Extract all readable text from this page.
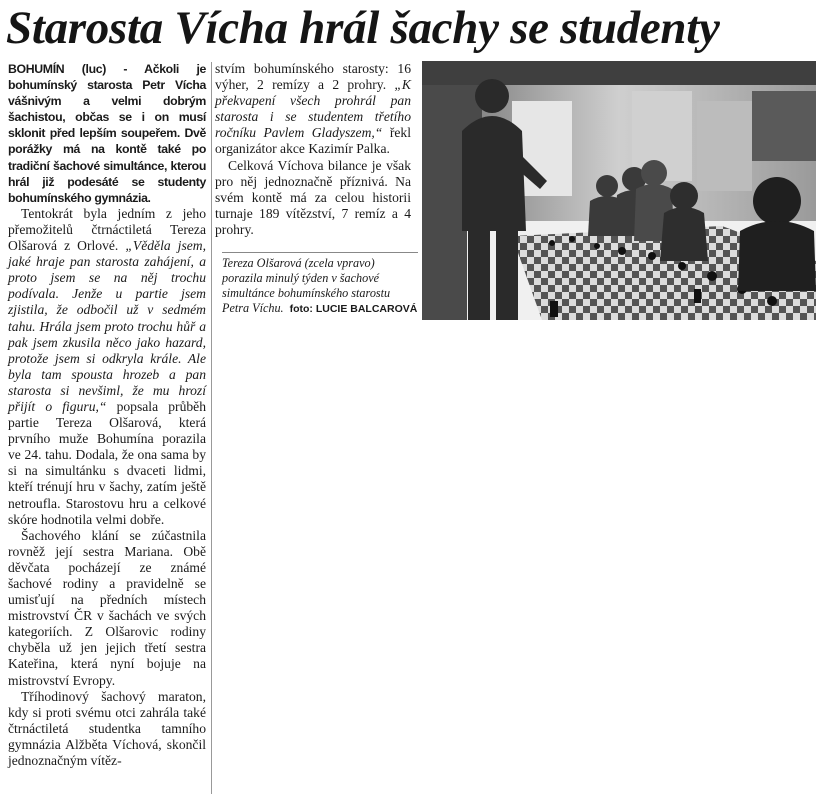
Starosta Vícha hrál šachy se studenty

BOHUMÍN (luc) - Ačkoli je bohumínský starosta Petr Vícha vášnivým a velmi dobrým šachistou, občas se i on musí sklonit před lepším soupeřem. Dvě porážky má na kontě také po tradiční šachové simultánce, kterou hrál již podesáté se studenty bohumínského gymnázia.

Tentokrát byla jedním z jeho přemožitelů čtrnáctiletá Tereza Olšarová z Orlové. „Věděla jsem, jaké hraje pan starosta zahájení, a proto jsem se na něj trochu podívala. Jenže u partie jsem zjistila, že odbočil už v sedmém tahu. Hrála jsem proto trochu hůř a pak jsem zkusila něco jako hazard, protože jsem si odkryla krále. Ale byla tam spousta hrozeb a pan starosta si nevšiml, že mu hrozí přijít o figuru,“ popsala průběh partie Tereza Olšarová, která prvního muže Bohumína porazila ve 24. tahu. Dodala, že ona sama by si na simultánku s dvaceti lidmi, kteří trénují hru v šachy, zatím ještě netroufla. Starostovu hru a celkové skóre hodnotila velmi dobře.

Šachového klání se zúčastnila rovněž její sestra Mariana. Obě děvčata pocházejí ze známé šachové rodiny a pravidelně se umisťují na předních místech mistrovství ČR v šachách ve svých kategoriích. Z Olšarovic rodiny chyběla už jen jejich třetí sestra Kateřina, která nyní bojuje na mistrovství Evropy.

Tříhodinový šachový maraton, kdy si proti svému otci zahrála také čtrnáctiletá studentka tamního gymnázia Alžběta Víchová, skončil jednoznačným vítěz-

stvím bohumínského starosty: 16 výher, 2 remízy a 2 prohry. „K překvapení všech prohrál pan starosta i se studentem třetího ročníku Pavlem Gladyszem,“ řekl organizátor akce Kazimír Palka.

Celková Víchova bilance je však pro něj jednoznačně příznivá. Na svém kontě má za celou historii turnaje 189 vítězství, 7 remíz a 4 prohry.

Tereza Olšarová (zcela vpravo) porazila minulý týden v šachové simultánce bohumínského starostu Petra Víchu. foto: LUCIE BALCAROVÁ
